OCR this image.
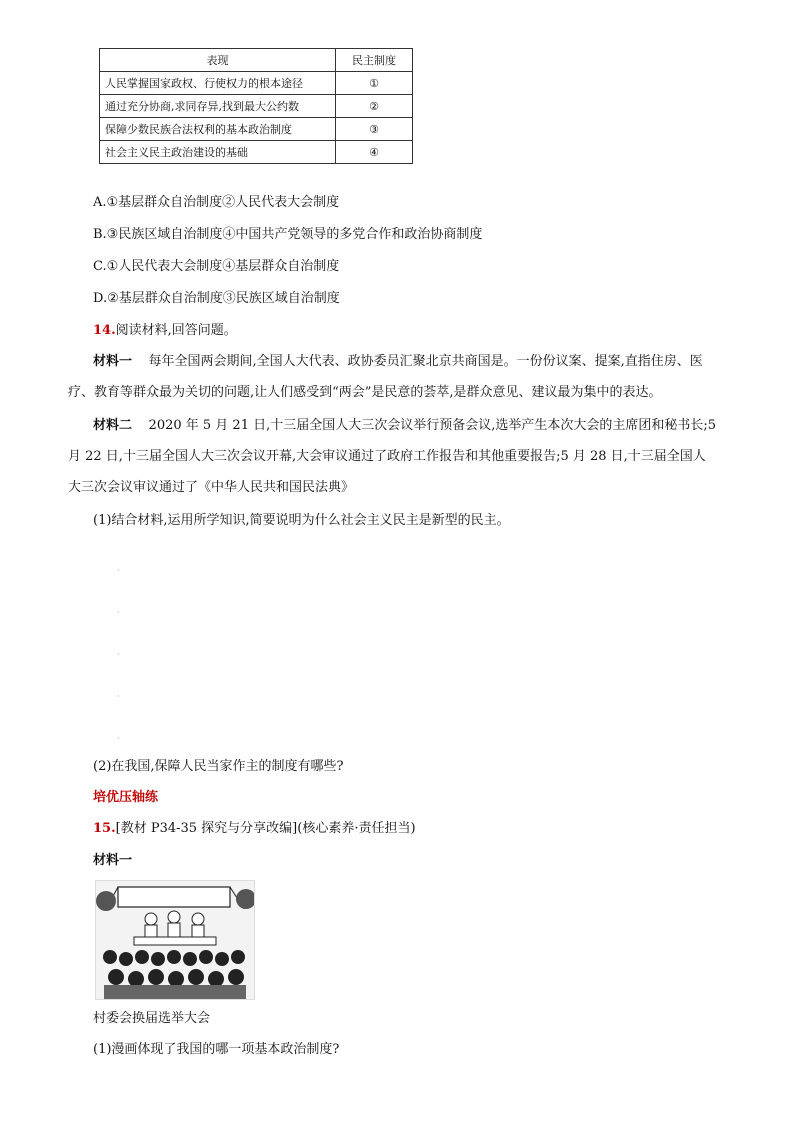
表现	民主制度
人民掌握国家政权、行使权力的根本途径	①
通过充分协商,求同存异,找到最大公约数	②
保障少数民族合法权利的基本政治制度	③
社会主义民主政治建设的基础	④
A.①基层群众自治制度②人民代表大会制度
B.③民族区域自治制度④中国共产党领导的多党合作和政治协商制度
C.①人民代表大会制度④基层群众自治制度
D.②基层群众自治制度③民族区域自治制度
14.阅读材料,回答问题。
材料一 每年全国两会期间,全国人大代表、政协委员汇聚北京共商国是。一份份议案、提案,直指住房、医疗、教育等群众最为关切的问题,让人们感受到“两会”是民意的荟萃,是群众意见、建议最为集中的表达。
材料二 2020 年 5 月 21 日,十三届全国人大三次会议举行预备会议,选举产生本次大会的主席团和秘书长;5 月 22 日,十三届全国人大三次会议开幕,大会审议通过了政府工作报告和其他重要报告;5 月 28 日,十三届全国人大三次会议审议通过了《中华人民共和国民法典》
(1)结合材料,运用所学知识,简要说明为什么社会主义民主是新型的民主。
·
·
·
·
·
(2)在我国,保障人民当家作主的制度有哪些?
培优压轴练
15.[教材 P34-35 探究与分享改编](核心素养·责任担当)
材料一
村委会换届选举大会
(1)漫画体现了我国的哪一项基本政治制度?
